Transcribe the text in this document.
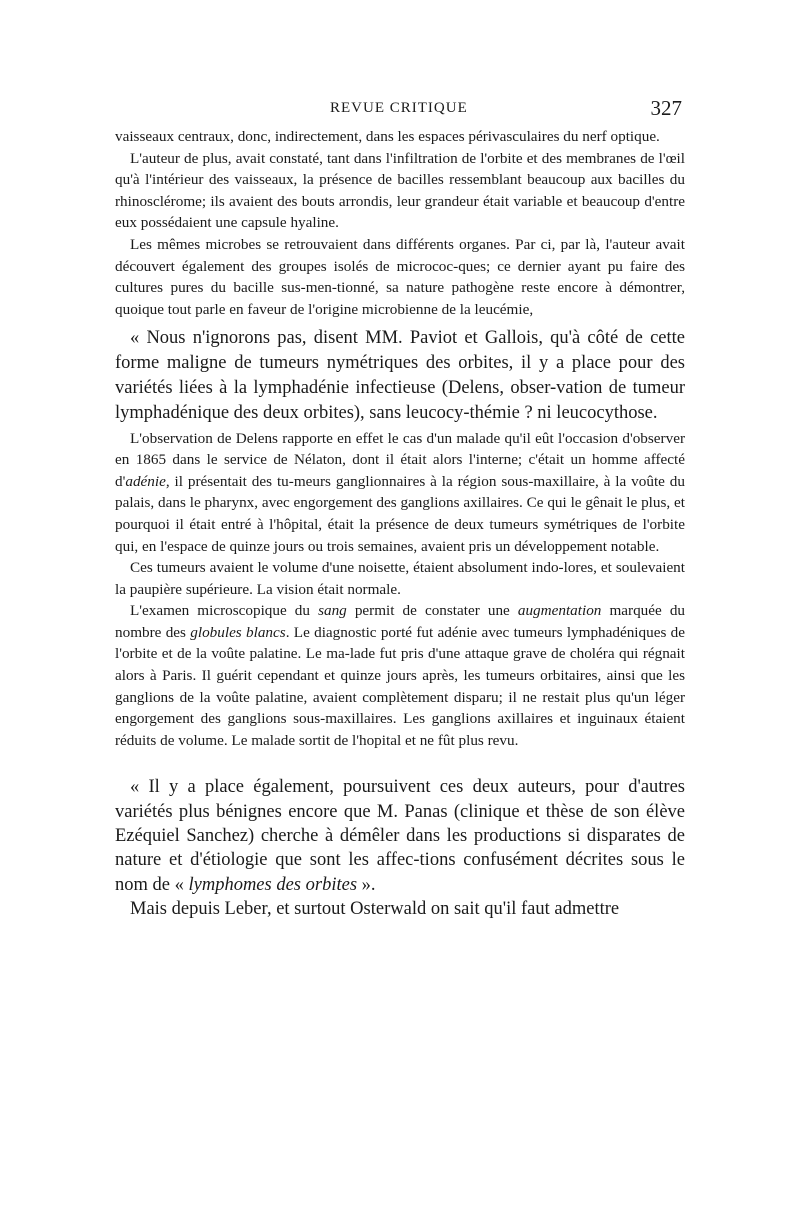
REVUE CRITIQUE	327

vaisseaux centraux, donc, indirectement, dans les espaces périvasculaires du nerf optique.

L'auteur de plus, avait constaté, tant dans l'infiltration de l'orbite et des membranes de l'œil qu'à l'intérieur des vaisseaux, la présence de bacilles ressemblant beaucoup aux bacilles du rhinosclérome; ils avaient des bouts arrondis, leur grandeur était variable et beaucoup d'entre eux possédaient une capsule hyaline.

Les mêmes microbes se retrouvaient dans différents organes. Par ci, par là, l'auteur avait découvert également des groupes isolés de micrococ-ques; ce dernier ayant pu faire des cultures pures du bacille sus-men-tionné, sa nature pathogène reste encore à démontrer, quoique tout parle en faveur de l'origine microbienne de la leucémie,

« Nous n'ignorons pas, disent MM. Paviot et Gallois, qu'à côté de cette forme maligne de tumeurs nymétriques des orbites, il y a place pour des variétés liées à la lymphadénie infectieuse (Delens, obser-vation de tumeur lymphadénique des deux orbites), sans leucocy-thémie ? ni leucocythose.

L'observation de Delens rapporte en effet le cas d'un malade qu'il eût l'occasion d'observer en 1865 dans le service de Nélaton, dont il était alors l'interne; c'était un homme affecté d'adénie, il présentait des tu-meurs ganglionnaires à la région sous-maxillaire, à la voûte du palais, dans le pharynx, avec engorgement des ganglions axillaires. Ce qui le gênait le plus, et pourquoi il était entré à l'hôpital, était la présence de deux tumeurs symétriques de l'orbite qui, en l'espace de quinze jours ou trois semaines, avaient pris un développement notable.

Ces tumeurs avaient le volume d'une noisette, étaient absolument indo-lores, et soulevaient la paupière supérieure. La vision était normale.

L'examen microscopique du sang permit de constater une augmentation marquée du nombre des globules blancs. Le diagnostic porté fut adénie avec tumeurs lymphadéniques de l'orbite et de la voûte palatine. Le ma-lade fut pris d'une attaque grave de choléra qui régnait alors à Paris. Il guérit cependant et quinze jours après, les tumeurs orbitaires, ainsi que les ganglions de la voûte palatine, avaient complètement disparu; il ne restait plus qu'un léger engorgement des ganglions sous-maxillaires. Les ganglions axillaires et inguinaux étaient réduits de volume. Le malade sortit de l'hopital et ne fût plus revu.

« Il y a place également, poursuivent ces deux auteurs, pour d'autres variétés plus bénignes encore que M. Panas (clinique et thèse de son élève Ezéquiel Sanchez) cherche à démêler dans les productions si disparates de nature et d'étiologie que sont les affec-tions confusément décrites sous le nom de « lymphomes des orbites ».

Mais depuis Leber, et surtout Osterwald on sait qu'il faut admettre
